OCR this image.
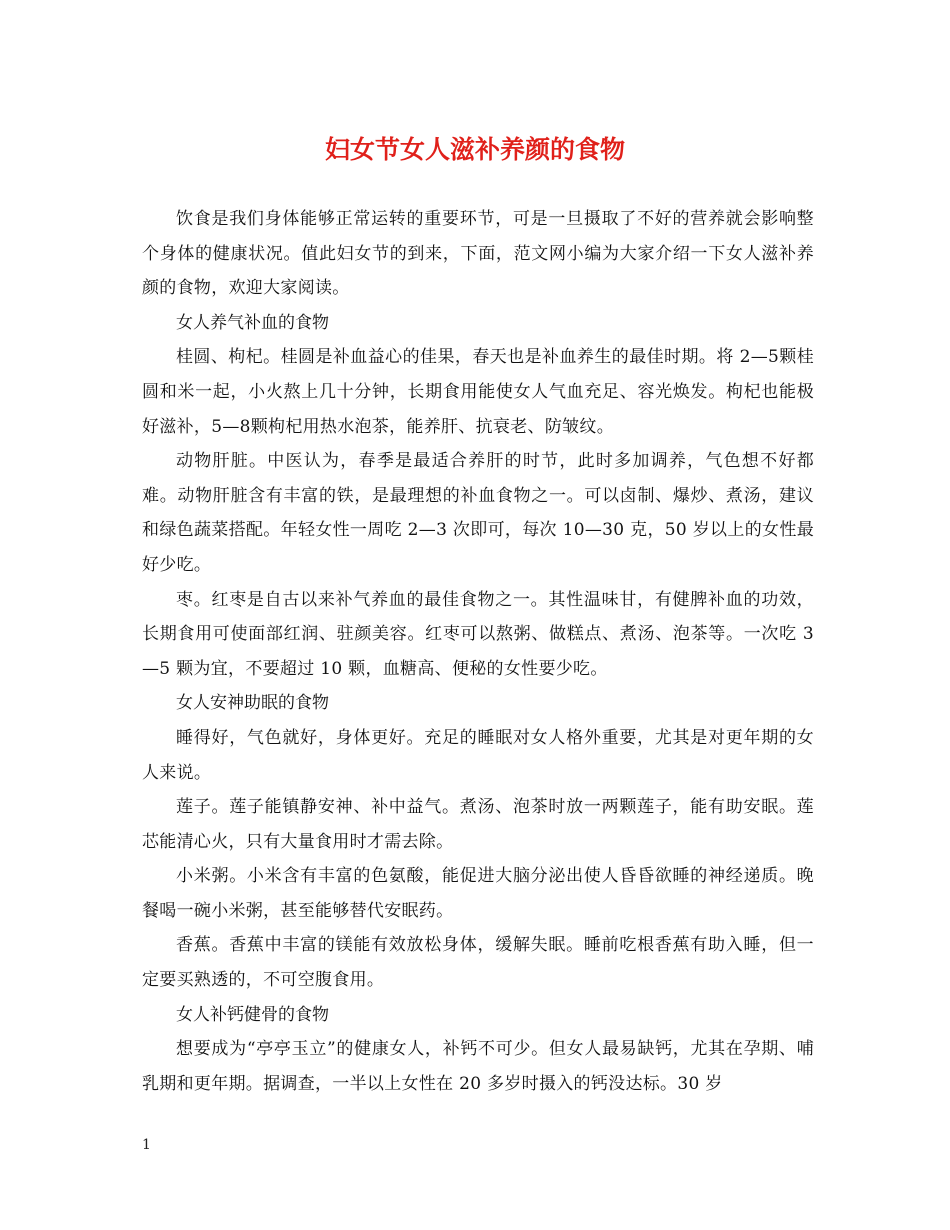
妇女节女人滋补养颜的食物

饮食是我们身体能够正常运转的重要环节，可是一旦摄取了不好的营养就会影响整个身体的健康状况。值此妇女节的到来，下面，范文网小编为大家介绍一下女人滋补养颜的食物，欢迎大家阅读。

女人养气补血的食物

桂圆、枸杞。桂圆是补血益心的佳果，春天也是补血养生的最佳时期。将 2—5颗桂圆和米一起，小火熬上几十分钟，长期食用能使女人气血充足、容光焕发。枸杞也能极好滋补，5—8颗枸杞用热水泡茶，能养肝、抗衰老、防皱纹。

动物肝脏。中医认为，春季是最适合养肝的时节，此时多加调养，气色想不好都难。动物肝脏含有丰富的铁，是最理想的补血食物之一。可以卤制、爆炒、煮汤，建议和绿色蔬菜搭配。年轻女性一周吃 2—3 次即可，每次 10—30 克，50 岁以上的女性最好少吃。

枣。红枣是自古以来补气养血的最佳食物之一。其性温味甘，有健脾补血的功效，长期食用可使面部红润、驻颜美容。红枣可以熬粥、做糕点、煮汤、泡茶等。一次吃 3—5 颗为宜，不要超过 10 颗，血糖高、便秘的女性要少吃。

女人安神助眠的食物

睡得好，气色就好，身体更好。充足的睡眠对女人格外重要，尤其是对更年期的女人来说。

莲子。莲子能镇静安神、补中益气。煮汤、泡茶时放一两颗莲子，能有助安眠。莲芯能清心火，只有大量食用时才需去除。

小米粥。小米含有丰富的色氨酸，能促进大脑分泌出使人昏昏欲睡的神经递质。晚餐喝一碗小米粥，甚至能够替代安眠药。

香蕉。香蕉中丰富的镁能有效放松身体，缓解失眠。睡前吃根香蕉有助入睡，但一定要买熟透的，不可空腹食用。

女人补钙健骨的食物

想要成为“亭亭玉立”的健康女人，补钙不可少。但女人最易缺钙，尤其在孕期、哺乳期和更年期。据调查，一半以上女性在 20 多岁时摄入的钙没达标。30 岁

1
